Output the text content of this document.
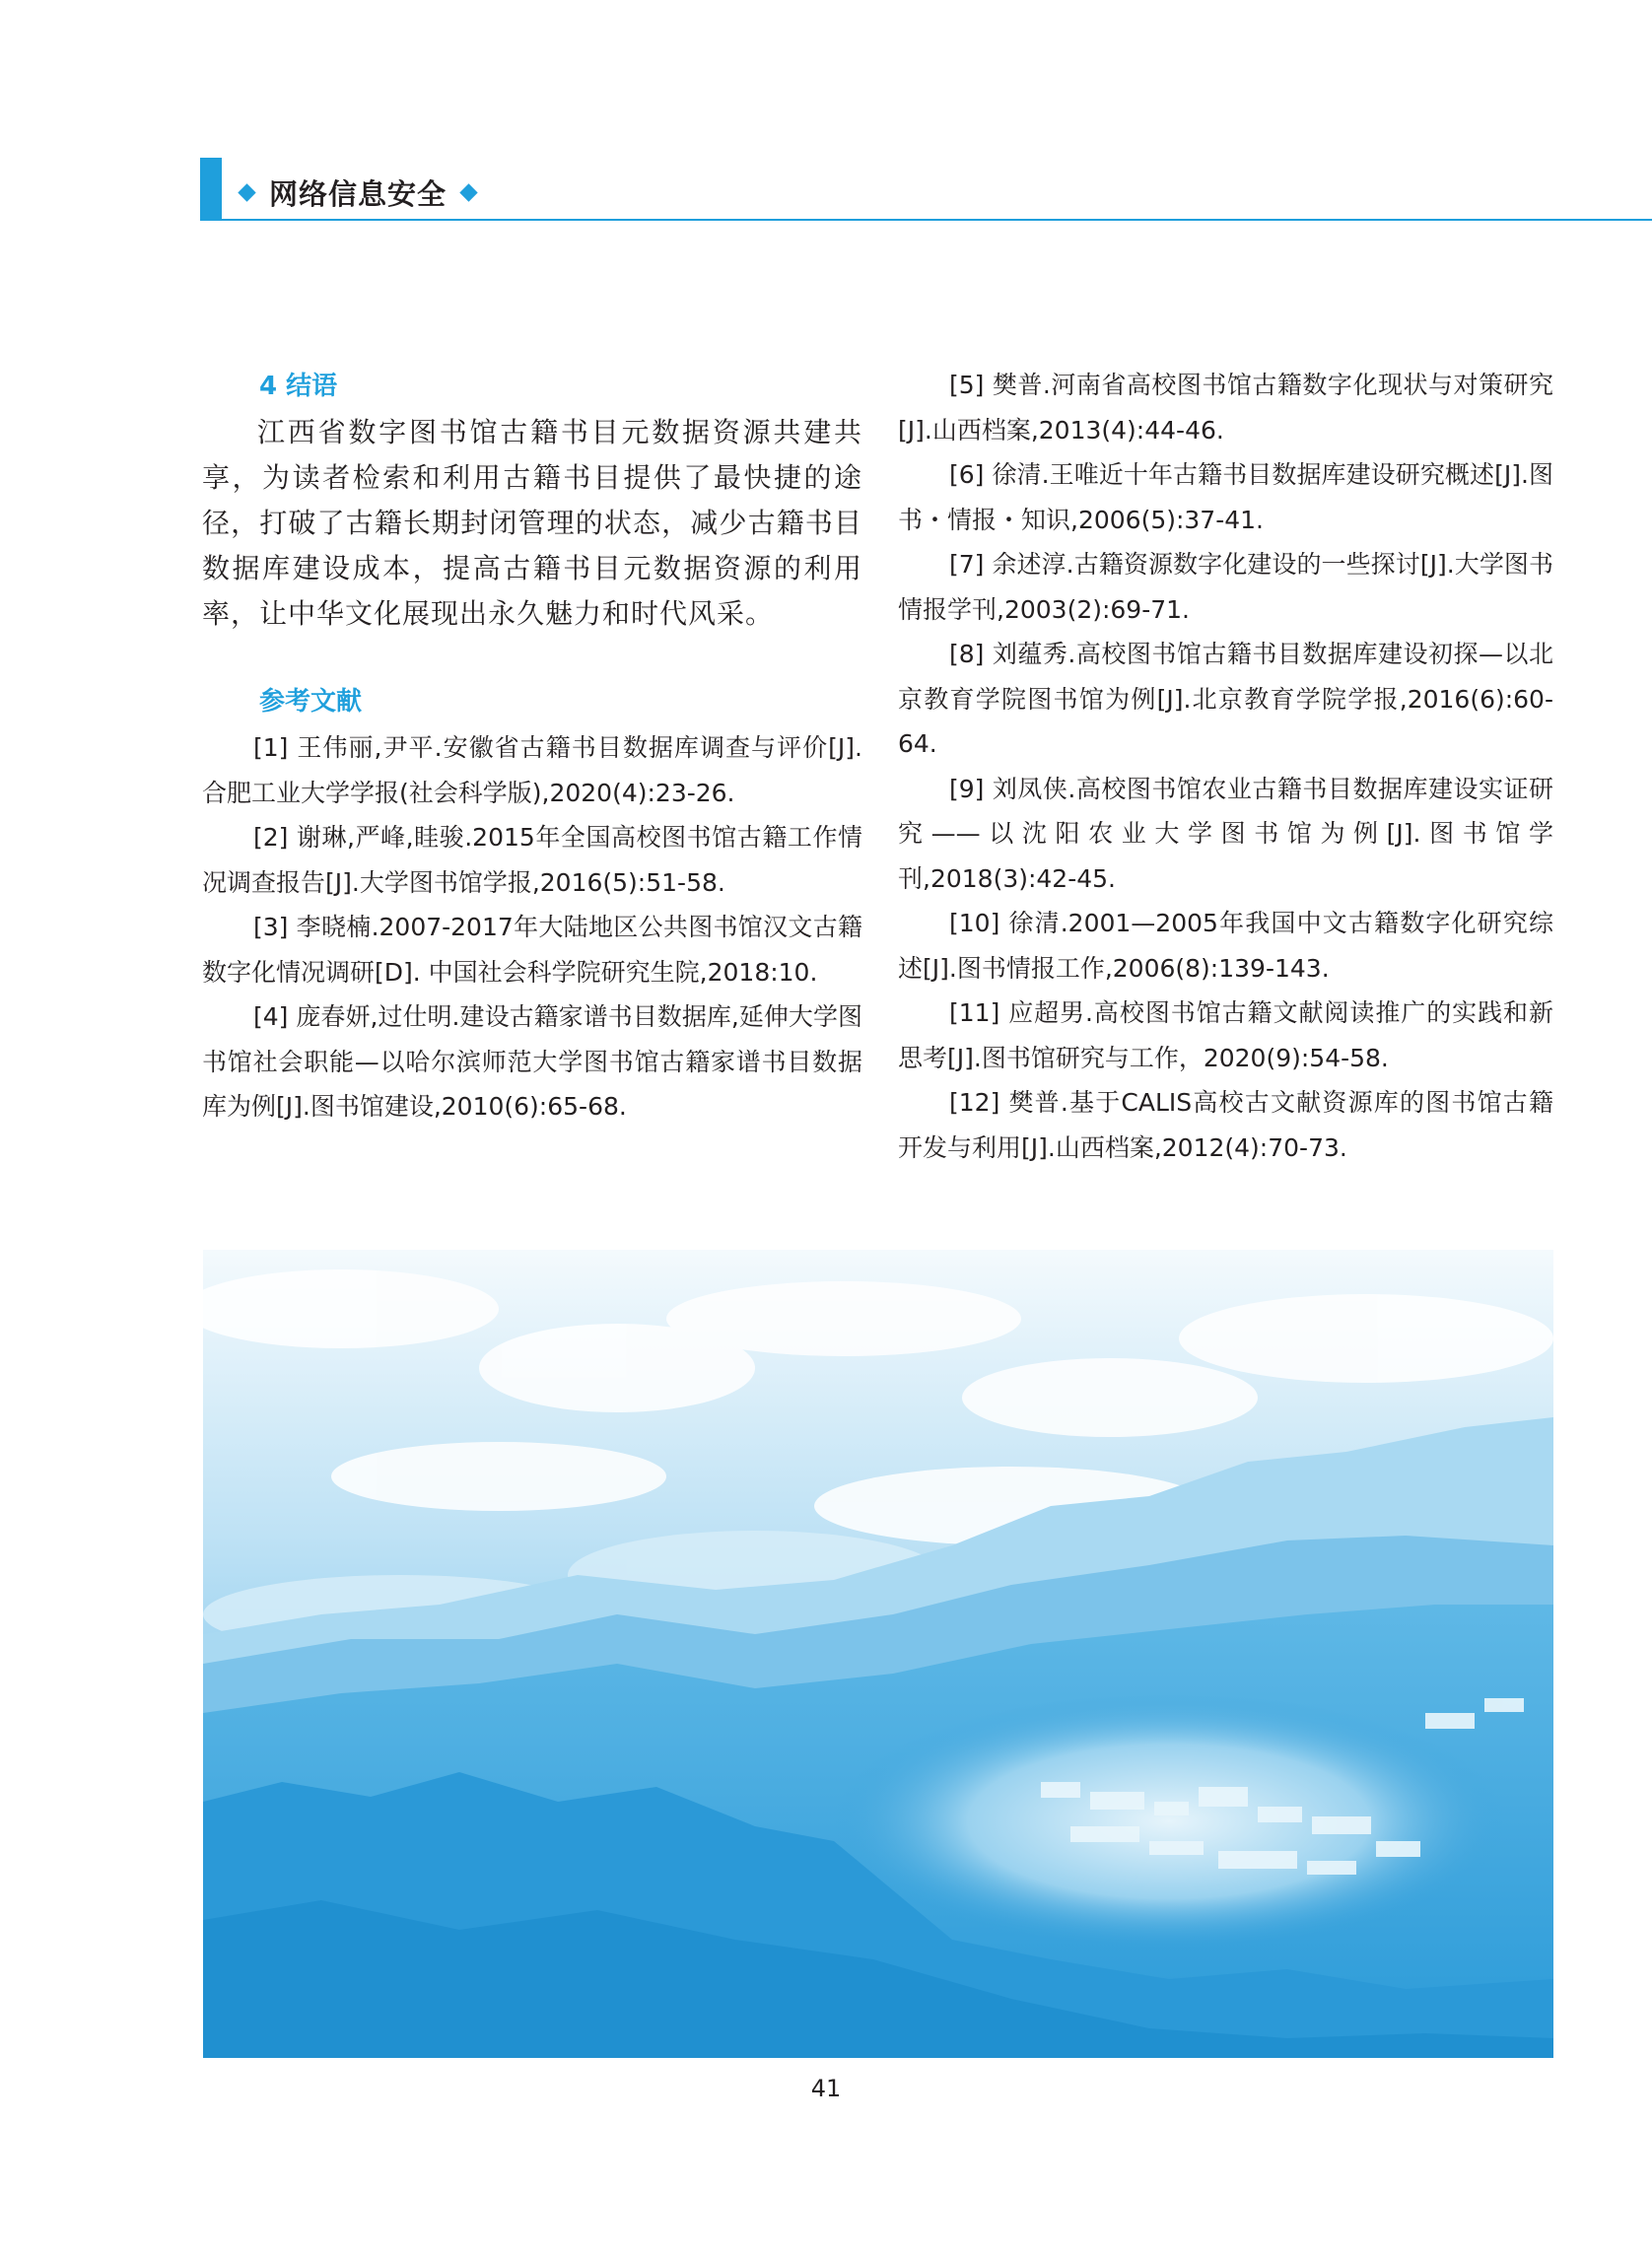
网络信息安全

4 结语

江西省数字图书馆古籍书目元数据资源共建共享，为读者检索和利用古籍书目提供了最快捷的途径，打破了古籍长期封闭管理的状态，减少古籍书目数据库建设成本，提高古籍书目元数据资源的利用率，让中华文化展现出永久魅力和时代风采。

参考文献

[1] 王伟丽,尹平.安徽省古籍书目数据库调查与评价[J].合肥工业大学学报(社会科学版),2020(4):23-26.

[2] 谢琳,严峰,眭骏.2015年全国高校图书馆古籍工作情况调查报告[J].大学图书馆学报,2016(5):51-58.

[3] 李晓楠.2007-2017年大陆地区公共图书馆汉文古籍数字化情况调研[D]. 中国社会科学院研究生院,2018:10.

[4] 庞春妍,过仕明.建设古籍家谱书目数据库,延伸大学图书馆社会职能—以哈尔滨师范大学图书馆古籍家谱书目数据库为例[J].图书馆建设,2010(6):65-68.

[5] 樊普.河南省高校图书馆古籍数字化现状与对策研究[J].山西档案,2013(4):44-46.

[6] 徐清.王唯近十年古籍书目数据库建设研究概述[J].图书・情报・知识,2006(5):37-41.

[7] 余述淳.古籍资源数字化建设的一些探讨[J].大学图书情报学刊,2003(2):69-71.

[8] 刘蕴秀.高校图书馆古籍书目数据库建设初探—以北京教育学院图书馆为例[J].北京教育学院学报,2016(6):60-64.

[9] 刘凤侠.高校图书馆农业古籍书目数据库建设实证研究——以沈阳农业大学图书馆为例[J].图书馆学刊,2018(3):42-45.

[10] 徐清.2001—2005年我国中文古籍数字化研究综述[J].图书情报工作,2006(8):139-143.

[11] 应超男.高校图书馆古籍文献阅读推广的实践和新思考[J].图书馆研究与工作，2020(9):54-58.

[12] 樊普.基于CALIS高校古文献资源库的图书馆古籍开发与利用[J].山西档案,2012(4):70-73.

41
